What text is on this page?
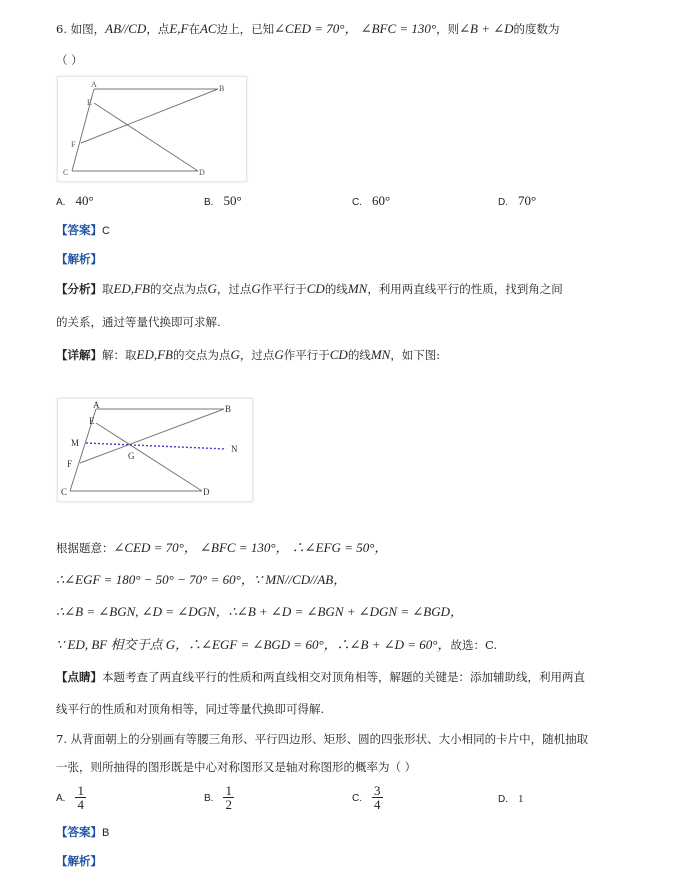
6. 如图，AB//CD，点E,F在AC边上，已知∠CED = 70°， ∠BFC = 130°，则∠B + ∠D的度数为
（ ）
A	B
E
F
C	D
A. 40°	B. 50°	C. 60°	D. 70°
【答案】C
【解析】
【分析】取ED,FB的交点为点G，过点G作平行于CD的线MN，利用两直线平行的性质，找到角之间
的关系，通过等量代换即可求解.
【详解】解：取ED,FB的交点为点G，过点G作平行于CD的线MN，如下图:
A	B
E
M
N
G
F
C	D
根据题意：∠CED = 70°， ∠BFC = 130°， ∴∠EFG = 50°，
∴∠EGF = 180° − 50° − 70° = 60°，∵ MN//CD//AB，
∴∠B = ∠BGN, ∠D = ∠DGN，∴∠B + ∠D = ∠BGN + ∠DGN = ∠BGD，
∵ ED, BF 相交于点 G，∴∠EGF = ∠BGD = 60°，∴∠B + ∠D = 60°，故选：C.
【点睛】本题考查了两直线平行的性质和两直线相交对顶角相等，解题的关键是：添加辅助线，利用两直
线平行的性质和对顶角相等，同过等量代换即可得解.
7. 从背面朝上的分别画有等腰三角形、平行四边形、矩形、圆的四张形状、大小相同的卡片中，随机抽取
一张，则所抽得的图形既是中心对称图形又是轴对称图形的概率为（ ）
A. $\frac{1}{4}$	B. $\frac{1}{2}$	C. $\frac{3}{4}$	D. 1
【答案】B
【解析】
